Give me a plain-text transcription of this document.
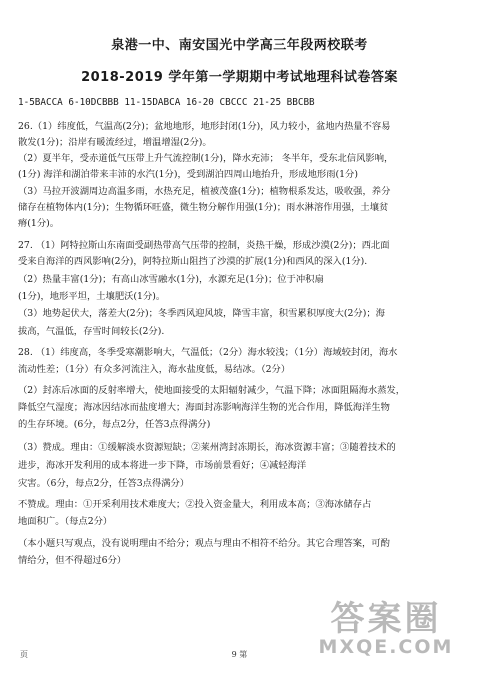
泉港一中、南安国光中学高三年段两校联考
2018-2019 学年第一学期期中考试地理科试卷答案
1-5BACCA 6-10DCBBB 11-15DABCA 16-20 CBCCC 21-25 BBCBB
26.（1）纬度低，气温高(2分)；盆地地形，地形封闭(1分)，风力较小，盆地内热量不容易
散发(1分)；沿岸有暖流经过，增温增湿(2分)。
（2）夏半年，受赤道低气压带上升气流控制(1分)，降水充沛； 冬半年，受东北信风影响，
(1分) 海洋和湖泊带来丰沛的水汽(1分)，受到湖泊四周山地抬升，形成地形雨(1分)
（3）马拉开波湖周边高温多雨，水热充足，植被茂盛(1分)；植物根系发达，吸收强，养分
储存在植物体内(1分)；生物循环旺盛，微生物分解作用强(1分)；雨水淋溶作用强，土壤贫
瘠(1分)。
27. （1）阿特拉斯山东南面受副热带高气压带的控制，炎热干燥，形成沙漠(2分)；西北面
受来自海洋的西风影响(2分)，阿特拉斯山阻挡了沙漠的扩展(1分)和西风的深入(1分).
（2）热量丰富(1分)；有高山冰雪融水(1分)，水源充足(1分)；位于冲积扇
(1分)，地形平坦，土壤肥沃(1分)。
（3）地势起伏大，落差大(2分)；冬季西风迎风坡，降雪丰富，积雪累积厚度大(2分)；海
拔高，气温低，存雪时间较长(2分).
28. （1）纬度高，冬季受寒潮影响大，气温低；（2分）海水较浅；（1分）海域较封闭，海水
流动性差；（1分）有众多河流注入，海水盐度低，易结冰。（2分）
（2）封冻后冰面的反射率增大，使地面接受的太阳辐射减少，气温下降；冰面阻隔海水蒸发，
降低空气湿度；海冰因结冰而盐度增大；海面封冻影响海洋生物的光合作用，降低海洋生物
的生存环境。(6分，每点2分，任答3点得满分)
（3）赞成。理由：①缓解淡水资源短缺；②莱州湾封冻期长，海冰资源丰富；③随着技术的
进步，海冰开发利用的成本将进一步下降，市场前景看好；④减轻海洋
灾害。（6分，每点2分，任答3点得满分）
不赞成。理由：①开采利用技术难度大；②投入资金量大，利用成本高；③海冰储存占
地面积广。（每点2分）
（本小题只写观点，没有说明理由不给分；观点与理由不相符不给分。其它合理答案，可酌
情给分，但不得超过6分）
答案圈
MXQE.COM
页	9 第
